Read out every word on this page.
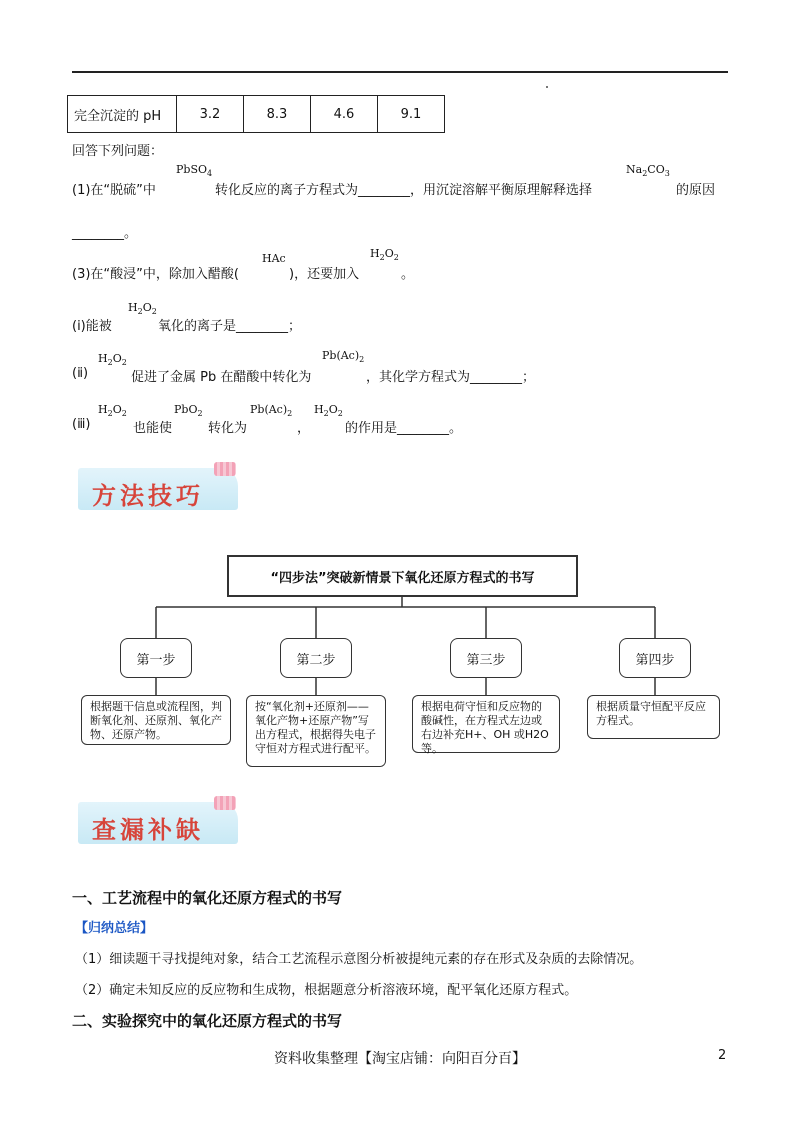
完全沉淀的 pH	3.2	8.3	4.6	9.1
回答下列问题：
(1)在“脱硫”中
PbSO$_4$
转化反应的离子方程式为________，用沉淀溶解平衡原理解释选择
$Na_2CO_3$
的原因
________。
(3)在“酸浸”中，除加入醋酸(
HAc
)，还要加入
$H_2O_2$
。
(ⅰ)能被
$H_2O_2$
氧化的离子是________；
(ⅱ)
$H_2O_2$
促进了金属 Pb 在醋酸中转化为
$Pb(Ac)_2$
，其化学方程式为________；
(ⅲ)
$H_2O_2$
也能使
PbO$_2$
转化为
$Pb(Ac)_2$
，
$H_2O_2$
的作用是________。
方法技巧
“四步法”突破新情景下氧化还原方程式的书写
第一步	第二步	第三步	第四步
根据题干信息或流程图，判断氧化剂、还原剂、氧化产物、还原产物。
按“氧化剂+还原剂——氧化产物+还原产物”写出方程式，根据得失电子守恒对方程式进行配平。
根据电荷守恒和反应物的酸碱性，在方程式左边或右边补充H+、OH 或H2O等。
根据质量守恒配平反应方程式。
查漏补缺
一、工艺流程中的氧化还原方程式的书写
【归纳总结】
（1）细读题干寻找提纯对象，结合工艺流程示意图分析被提纯元素的存在形式及杂质的去除情况。
（2）确定未知反应的反应物和生成物，根据题意分析溶液环境，配平氧化还原方程式。
二、实验探究中的氧化还原方程式的书写
资料收集整理【淘宝店铺：向阳百分百】	2
